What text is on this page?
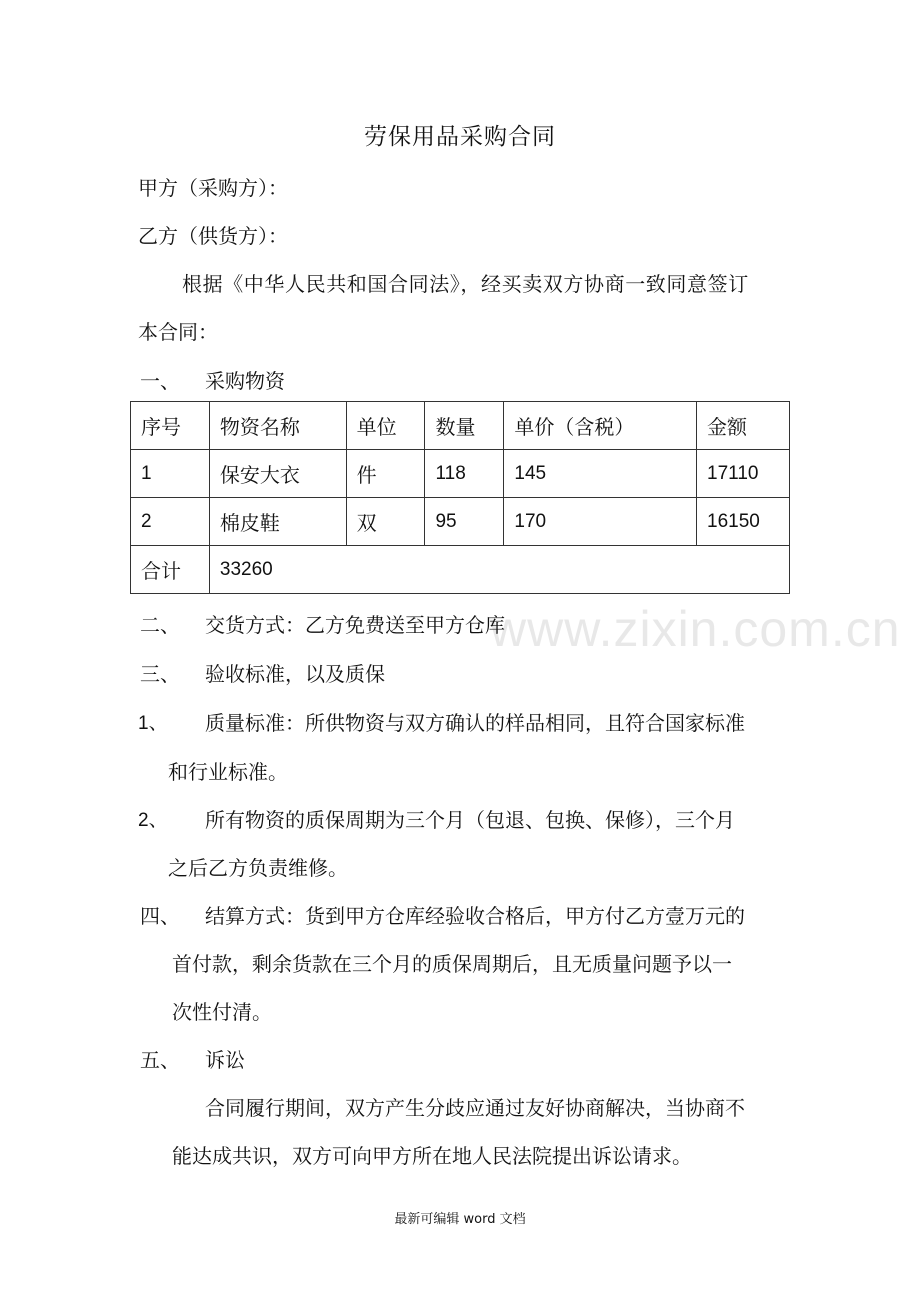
www.zixin.com.cn
劳保用品采购合同
甲方（采购方）：
乙方（供货方）：
根据《中华人民共和国合同法》，经买卖双方协商一致同意签订
本合同：
一、 采购物资
序号	物资名称	单位	数量	单价（含税）	金额
1	保安大衣	件	118	145	17110
2	棉皮鞋	双	95	170	16150
合计	33260				
二、 交货方式：乙方免费送至甲方仓库
三、 验收标准，以及质保
1、 质量标准：所供物资与双方确认的样品相同，且符合国家标准
和行业标准。
2、 所有物资的质保周期为三个月（包退、包换、保修），三个月
之后乙方负责维修。
四、 结算方式：货到甲方仓库经验收合格后，甲方付乙方壹万元的
首付款，剩余货款在三个月的质保周期后，且无质量问题予以一
次性付清。
五、 诉讼
合同履行期间，双方产生分歧应通过友好协商解决，当协商不
能达成共识，双方可向甲方所在地人民法院提出诉讼请求。
最新可编辑 word 文档
